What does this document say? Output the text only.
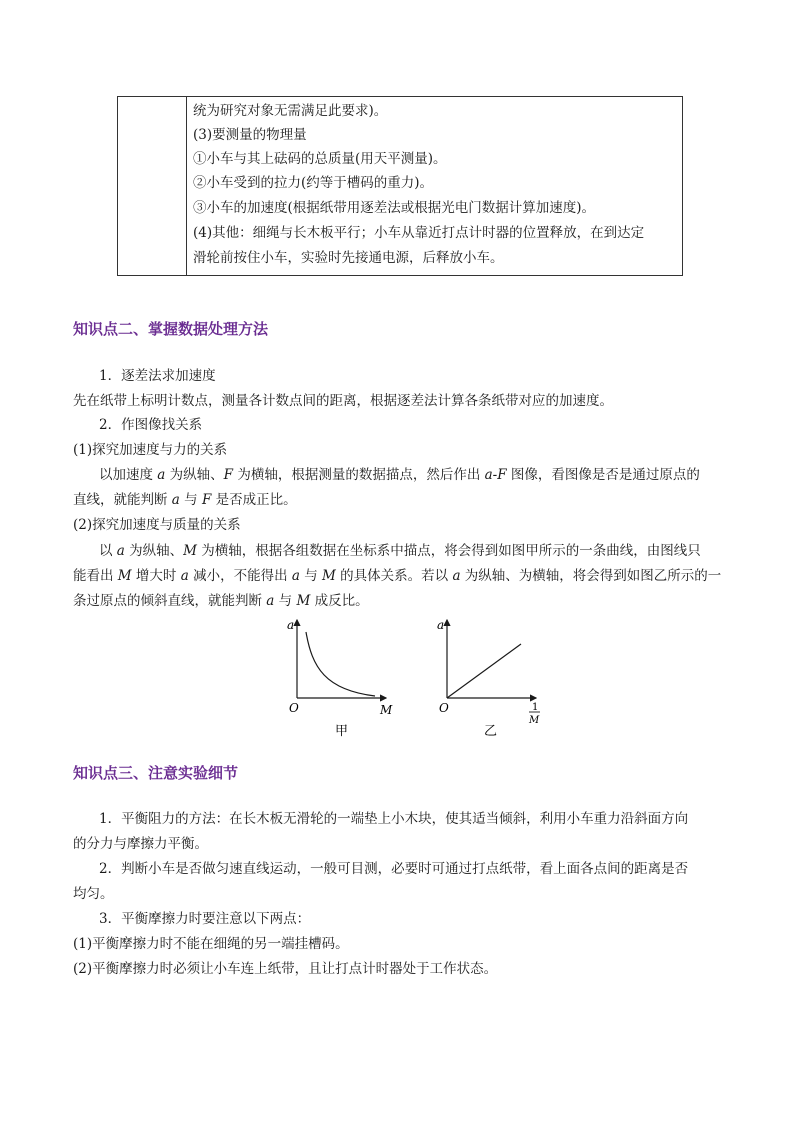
统为研究对象无需满足此要求)。
(3)要测量的物理量
①小车与其上砝码的总质量(用天平测量)。
②小车受到的拉力(约等于槽码的重力)。
③小车的加速度(根据纸带用逐差法或根据光电门数据计算加速度)。
(4)其他：细绳与长木板平行；小车从靠近打点计时器的位置释放，在到达定
滑轮前按住小车，实验时先接通电源，后释放小车。
知识点二、掌握数据处理方法
1．逐差法求加速度
先在纸带上标明计数点，测量各计数点间的距离，根据逐差法计算各条纸带对应的加速度。
2．作图像找关系
(1)探究加速度与力的关系
以加速度 a 为纵轴、F 为横轴，根据测量的数据描点，然后作出 a-F 图像，看图像是否是通过原点的
直线，就能判断 a 与 F 是否成正比。
(2)探究加速度与质量的关系
以 a 为纵轴、M 为横轴，根据各组数据在坐标系中描点，将会得到如图甲所示的一条曲线，由图线只
能看出 M 增大时 a 减小，不能得出 a 与 M 的具体关系。若以 a 为纵轴、为横轴，将会得到如图乙所示的一
条过原点的倾斜直线，就能判断 a 与 M 成反比。
a
O	M
甲
a
O	1
M
乙
知识点三、注意实验细节
1．平衡阻力的方法：在长木板无滑轮的一端垫上小木块，使其适当倾斜，利用小车重力沿斜面方向
的分力与摩擦力平衡。
2．判断小车是否做匀速直线运动，一般可目测，必要时可通过打点纸带，看上面各点间的距离是否
均匀。
3．平衡摩擦力时要注意以下两点：
(1)平衡摩擦力时不能在细绳的另一端挂槽码。
(2)平衡摩擦力时必须让小车连上纸带，且让打点计时器处于工作状态。
